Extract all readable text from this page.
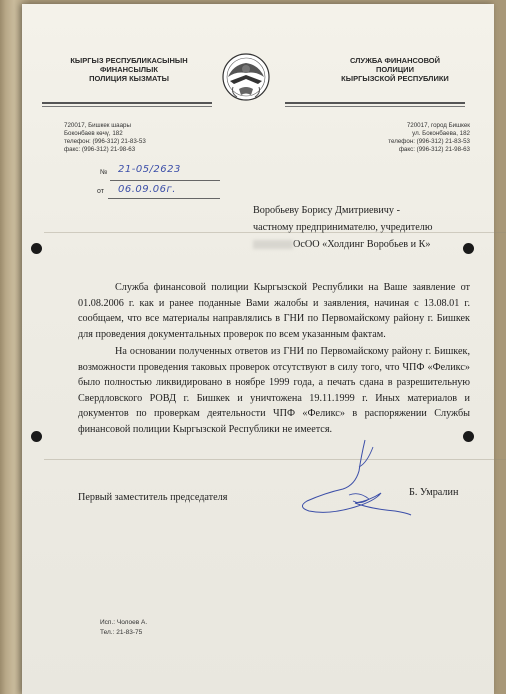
КЫРГЫЗ РЕСПУБЛИКАСЫНЫН
ФИНАНСЫЛЫК
ПОЛИЦИЯ КЫЗМАТЫ
СЛУЖБА ФИНАНСОВОЙ
ПОЛИЦИИ
КЫРГЫЗСКОЙ РЕСПУБЛИКИ
720017, Бишкек шаары
Боконбаев көчү, 182
телефон: (996-312) 21-83-53
факс: (996-312) 21-98-63
720017, город Бишкек
ул. Боконбаева, 182
телефон: (996-312) 21-83-53
факс: (996-312) 21-98-63
№ 21-05/2623
от 06.09.06г.
Воробьеву Борису Дмитриевичу -
частному предпринимателю, учредителю
ОсОО «Холдинг Воробьев и К»
Служба финансовой полиции Кыргызской Республики на Ваше заявление от 01.08.2006 г. как и ранее поданные Вами жалобы и заявления, начиная с 13.08.01 г. сообщаем, что все материалы направлялись в ГНИ по Первомайскому району г. Бишкек для проведения документальных проверок по всем указанным фактам.
На основании полученных ответов из ГНИ по Первомайскому району г. Бишкек, возможности проведения таковых проверок отсутствуют в силу того, что ЧПФ «Феликс» было полностью ликвидировано в ноябре 1999 года, а печать сдана в разрешительную Свердловского РОВД г. Бишкек и уничтожена 19.11.1999 г. Иных материалов и документов по проверкам деятельности ЧПФ «Феликс» в распоряжении Службы финансовой полиции Кыргызской Республики не имеется.
Первый заместитель председателя	Б. Умралин
Исп.: Чолоев А.
Тел.: 21-83-75
